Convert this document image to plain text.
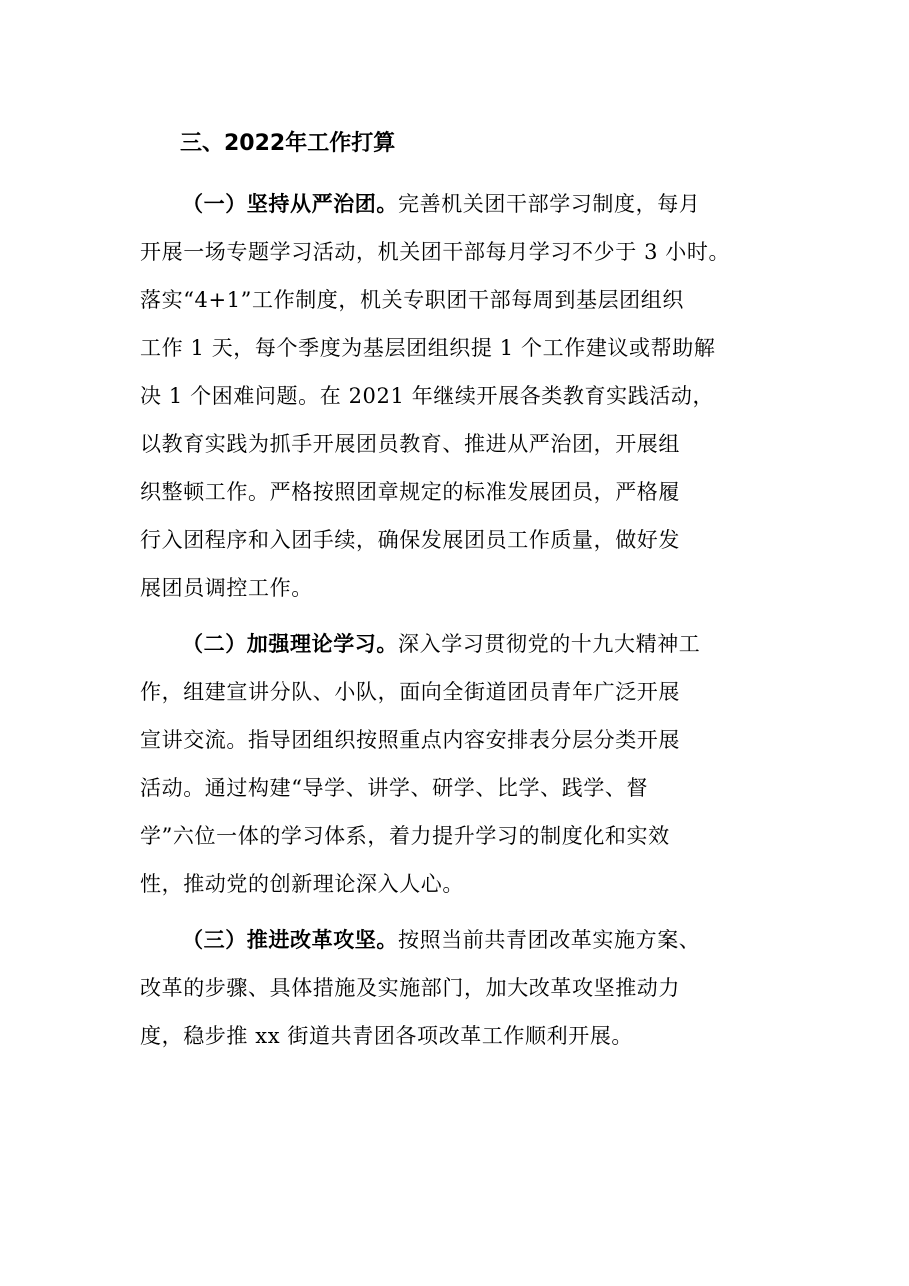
三、2022年工作打算
（一）坚持从严治团。完善机关团干部学习制度，每月
开展一场专题学习活动，机关团干部每月学习不少于 3 小时。
落实“4+1”工作制度，机关专职团干部每周到基层团组织
工作 1 天，每个季度为基层团组织提 1 个工作建议或帮助解
决 1 个困难问题。在 2021 年继续开展各类教育实践活动，
以教育实践为抓手开展团员教育、推进从严治团，开展组
织整顿工作。严格按照团章规定的标准发展团员，严格履
行入团程序和入团手续，确保发展团员工作质量，做好发
展团员调控工作。
（二）加强理论学习。深入学习贯彻党的十九大精神工
作，组建宣讲分队、小队，面向全街道团员青年广泛开展
宣讲交流。指导团组织按照重点内容安排表分层分类开展
活动。通过构建“导学、讲学、研学、比学、践学、督
学”六位一体的学习体系，着力提升学习的制度化和实效
性，推动党的创新理论深入人心。
（三）推进改革攻坚。按照当前共青团改革实施方案、
改革的步骤、具体措施及实施部门，加大改革攻坚推动力
度，稳步推 xx 街道共青团各项改革工作顺利开展。
